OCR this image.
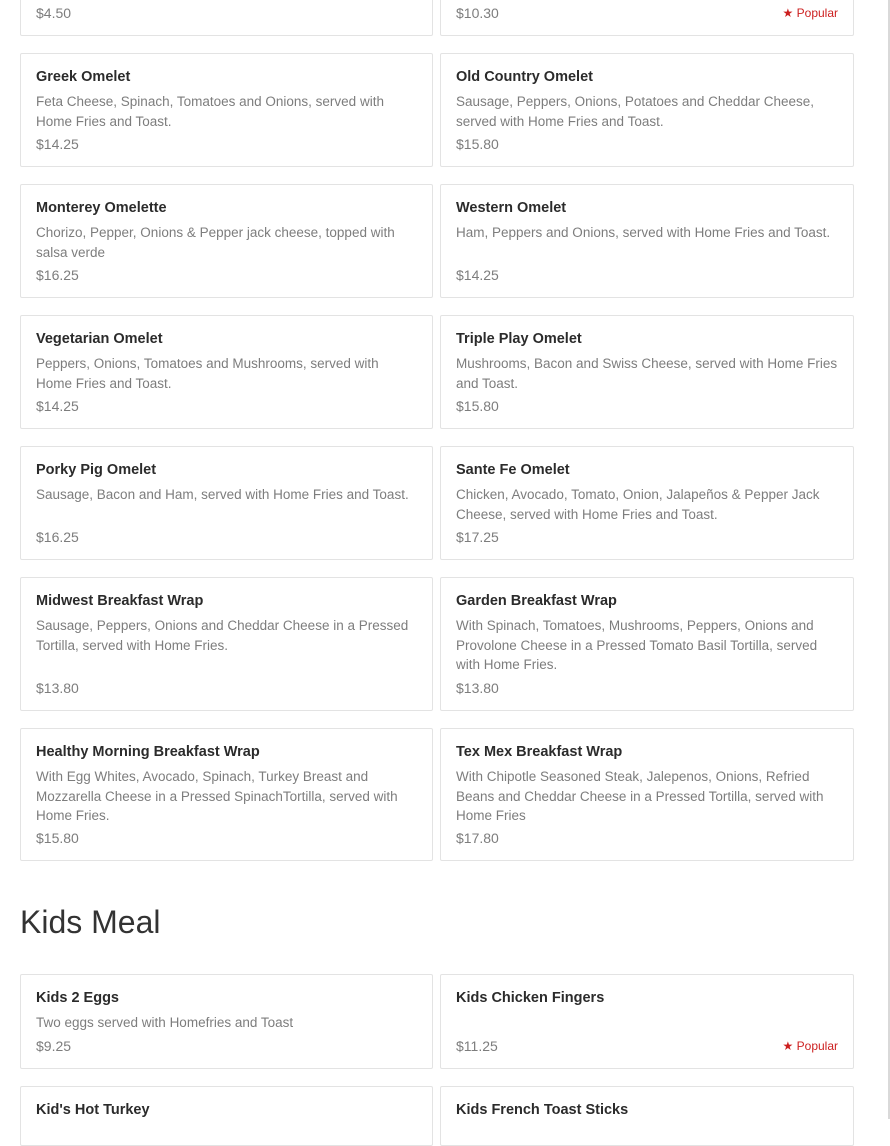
$4.50	$10.30	★ Popular

Greek Omelet

Feta Cheese, Spinach, Tomatoes and Onions, served with Home Fries and Toast.
$14.25

Old Country Omelet

Sausage, Peppers, Onions, Potatoes and Cheddar Cheese, served with Home Fries and Toast.
$15.80

Monterey Omelette

Chorizo, Pepper, Onions & Pepper jack cheese, topped with salsa verde
$16.25

Western Omelet

Ham, Peppers and Onions, served with Home Fries and Toast.
$14.25

Vegetarian Omelet

Peppers, Onions, Tomatoes and Mushrooms, served with Home Fries and Toast.
$14.25

Triple Play Omelet

Mushrooms, Bacon and Swiss Cheese, served with Home Fries and Toast.
$15.80

Porky Pig Omelet

Sausage, Bacon and Ham, served with Home Fries and Toast.
$16.25

Sante Fe Omelet

Chicken, Avocado, Tomato, Onion, Jalapeños & Pepper Jack Cheese, served with Home Fries and Toast.
$17.25

Midwest Breakfast Wrap

Sausage, Peppers, Onions and Cheddar Cheese in a Pressed Tortilla, served with Home Fries.
$13.80

Garden Breakfast Wrap

With Spinach, Tomatoes, Mushrooms, Peppers, Onions and Provolone Cheese in a Pressed Tomato Basil Tortilla, served with Home Fries.
$13.80

Healthy Morning Breakfast Wrap

With Egg Whites, Avocado, Spinach, Turkey Breast and Mozzarella Cheese in a Pressed SpinachTortilla, served with Home Fries.
$15.80

Tex Mex Breakfast Wrap

With Chipotle Seasoned Steak, Jalepenos, Onions, Refried Beans and Cheddar Cheese in a Pressed Tortilla, served with Home Fries
$17.80
Kids Meal

Kids 2 Eggs

Two eggs served with Homefries and Toast
$9.25

Kids Chicken Fingers

$11.25	★ Popular

Kid's Hot Turkey	Kids French Toast Sticks
